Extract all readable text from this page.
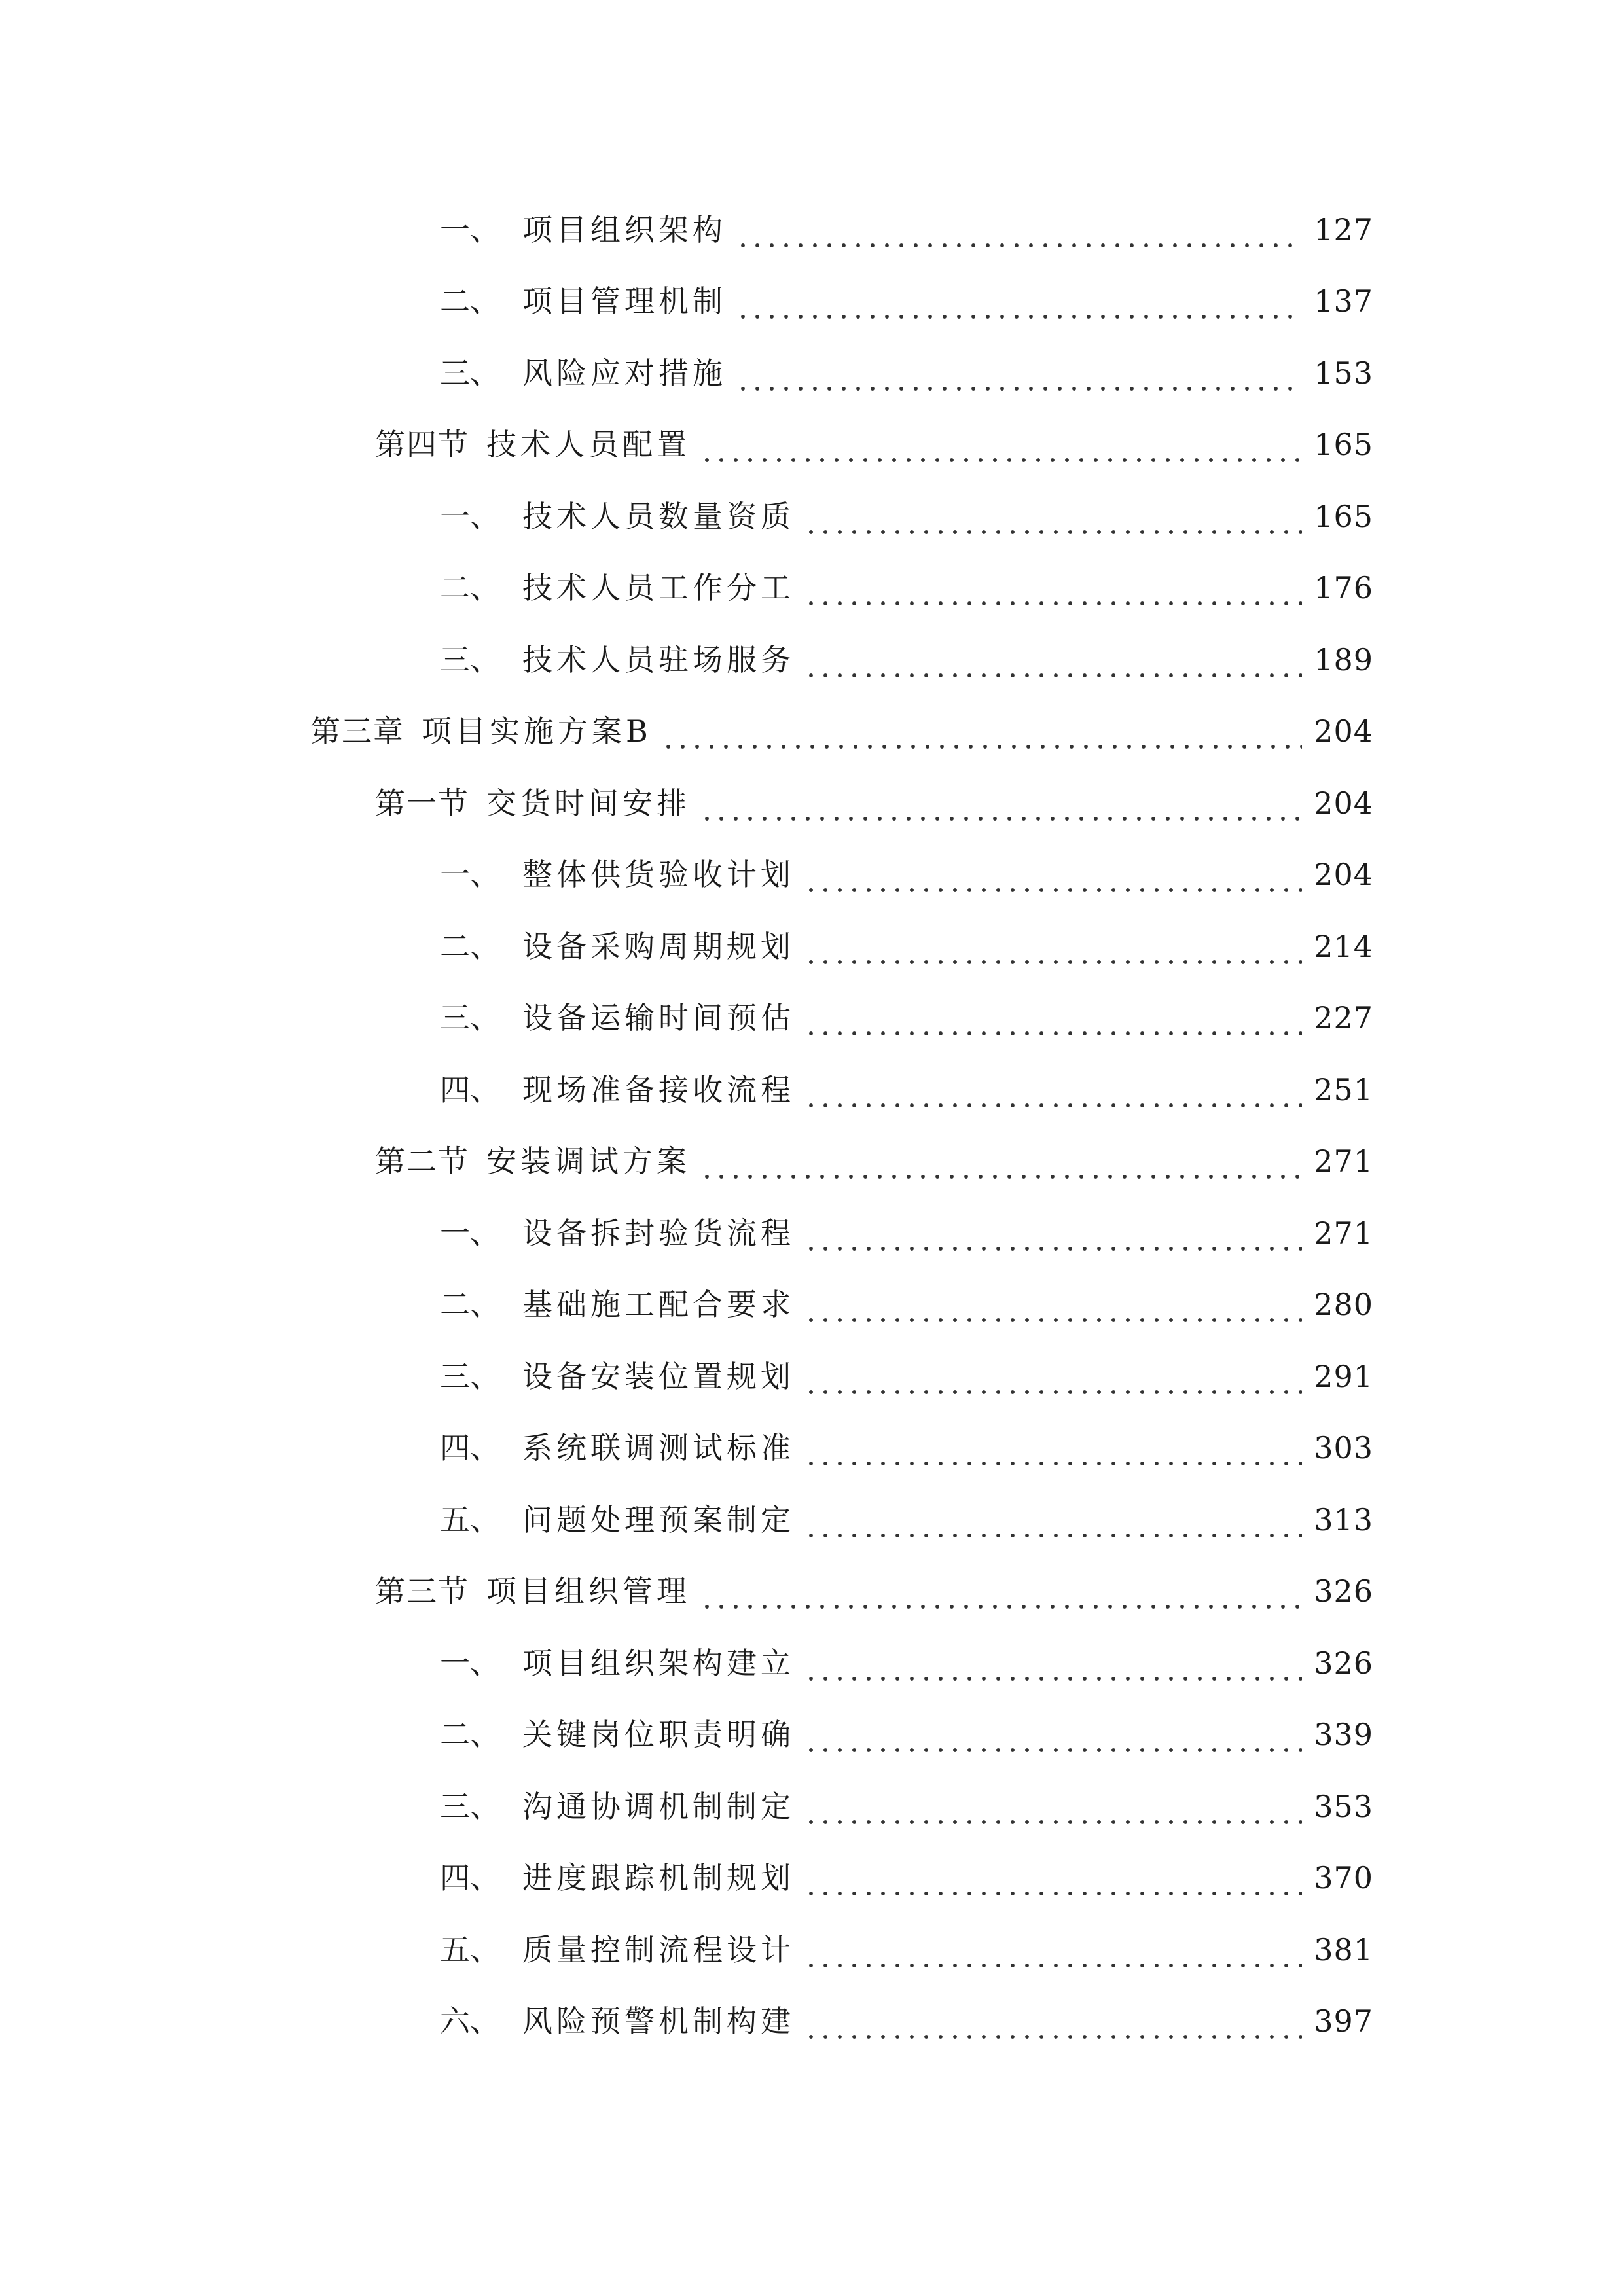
一、 项目组织架构	127
二、 项目管理机制	137
三、 风险应对措施	153
第四节 技术人员配置	165
一、 技术人员数量资质	165
二、 技术人员工作分工	176
三、 技术人员驻场服务	189
第三章 项目实施方案B	204
第一节 交货时间安排	204
一、 整体供货验收计划	204
二、 设备采购周期规划	214
三、 设备运输时间预估	227
四、 现场准备接收流程	251
第二节 安装调试方案	271
一、 设备拆封验货流程	271
二、 基础施工配合要求	280
三、 设备安装位置规划	291
四、 系统联调测试标准	303
五、 问题处理预案制定	313
第三节 项目组织管理	326
一、 项目组织架构建立	326
二、 关键岗位职责明确	339
三、 沟通协调机制制定	353
四、 进度跟踪机制规划	370
五、 质量控制流程设计	381
六、 风险预警机制构建	397
